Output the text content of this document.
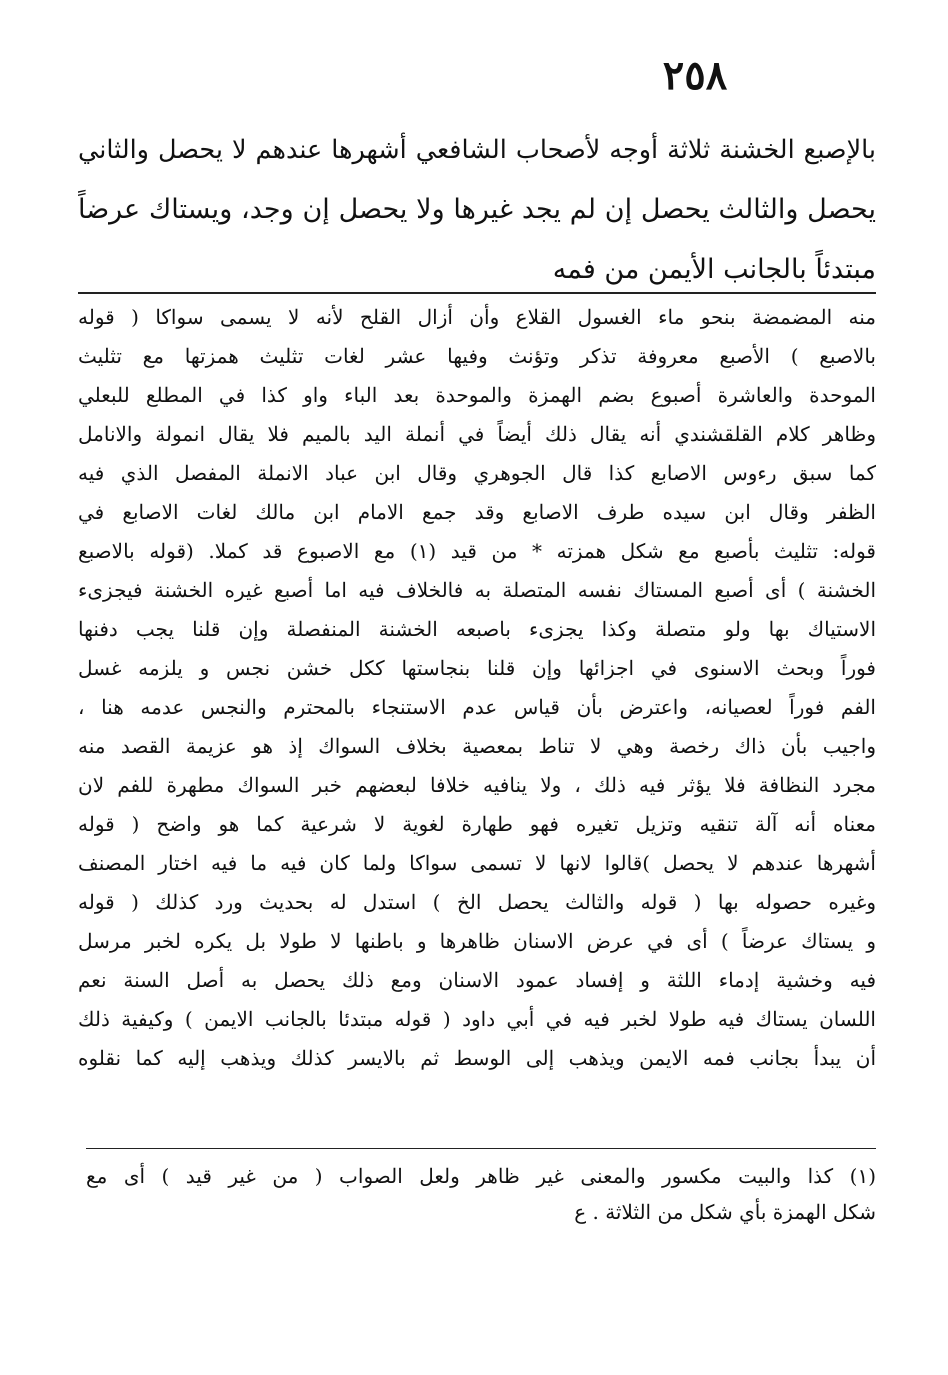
٢٥٨
بالإصبع الخشنة ثلاثة أوجه لأصحاب الشافعي أشهرها عندهم لا يحصل والثاني
يحصل والثالث يحصل إن لم يجد غيرها ولا يحصل إن وجد، ويستاك عرضاً
مبتدئاً بالجانب الأيمن من فمه
منه المضمضة بنحو ماء الغسول القلاع وأن أزال القلح لأنه لا يسمى سواكا ( قوله
بالاصبع ) الأصبع معروفة تذكر وتؤنث وفيها عشر لغات تثليث همزتها مع تثليث
الموحدة والعاشرة أصبوع بضم الهمزة والموحدة بعد الباء واو كذا في المطلع للبعلي
وظاهر كلام القلقشندي أنه يقال ذلك أيضاً في أنملة اليد بالميم فلا يقال انمولة والانامل
كما سبق رءوس الاصابع كذا قال الجوهري وقال ابن عباد الانملة المفصل الذي فيه
الظفر وقال ابن سيده طرف الاصابع وقد جمع الامام ابن مالك لغات الاصابع في
قوله: تثليث بأصبع مع شكل همزته * من قيد (١) مع الاصبوع قد كملا. (قوله بالاصبع
الخشنة ) أى أصبع المستاك نفسه المتصلة به فالخلاف فيه اما أصبع غيره الخشنة فيجزىء
الاستياك بها ولو متصلة وكذا يجزىء باصبعه الخشنة المنفصلة وإن قلنا يجب دفنها
فوراً وبحث الاسنوى في اجزائها وإن قلنا بنجاستها ككل خشن نجس و يلزمه غسل
الفم فوراً لعصيانه، واعترض بأن قياس عدم الاستنجاء بالمحترم والنجس عدمه هنا ،
واجيب بأن ذاك رخصة وهي لا تناط بمعصية بخلاف السواك إذ هو عزيمة القصد منه
مجرد النظافة فلا يؤثر فيه ذلك ، ولا ينافيه خلافا لبعضهم خبر السواك مطهرة للفم لان
معناه أنه آلة تنقيه وتزيل تغيره فهو طهارة لغوية لا شرعية كما هو واضح ( قوله
أشهرها عندهم لا يحصل )قالوا لانها لا تسمى سواكا ولما كان فيه ما فيه اختار المصنف
وغيره حصوله بها ( قوله والثالث يحصل الخ ) استدل له بحديث ورد كذلك ( قوله
و يستاك عرضاً ) أى في عرض الاسنان ظاهرها و باطنها لا طولا بل يكره لخبر مرسل
فيه وخشية إدماء اللثة و إفساد عمود الاسنان ومع ذلك يحصل به أصل السنة نعم
اللسان يستاك فيه طولا لخبر فيه في أبي داود ( قوله مبتدئا بالجانب الايمن ) وكيفية ذلك
أن يبدأ بجانب فمه الايمن ويذهب إلى الوسط ثم بالايسر كذلك ويذهب إليه كما نقلوه
(١) كذا والبيت مكسور والمعنى غير ظاهر ولعل الصواب ( من غير قيد ) أى مع
شكل الهمزة بأي شكل من الثلاثة . ع
